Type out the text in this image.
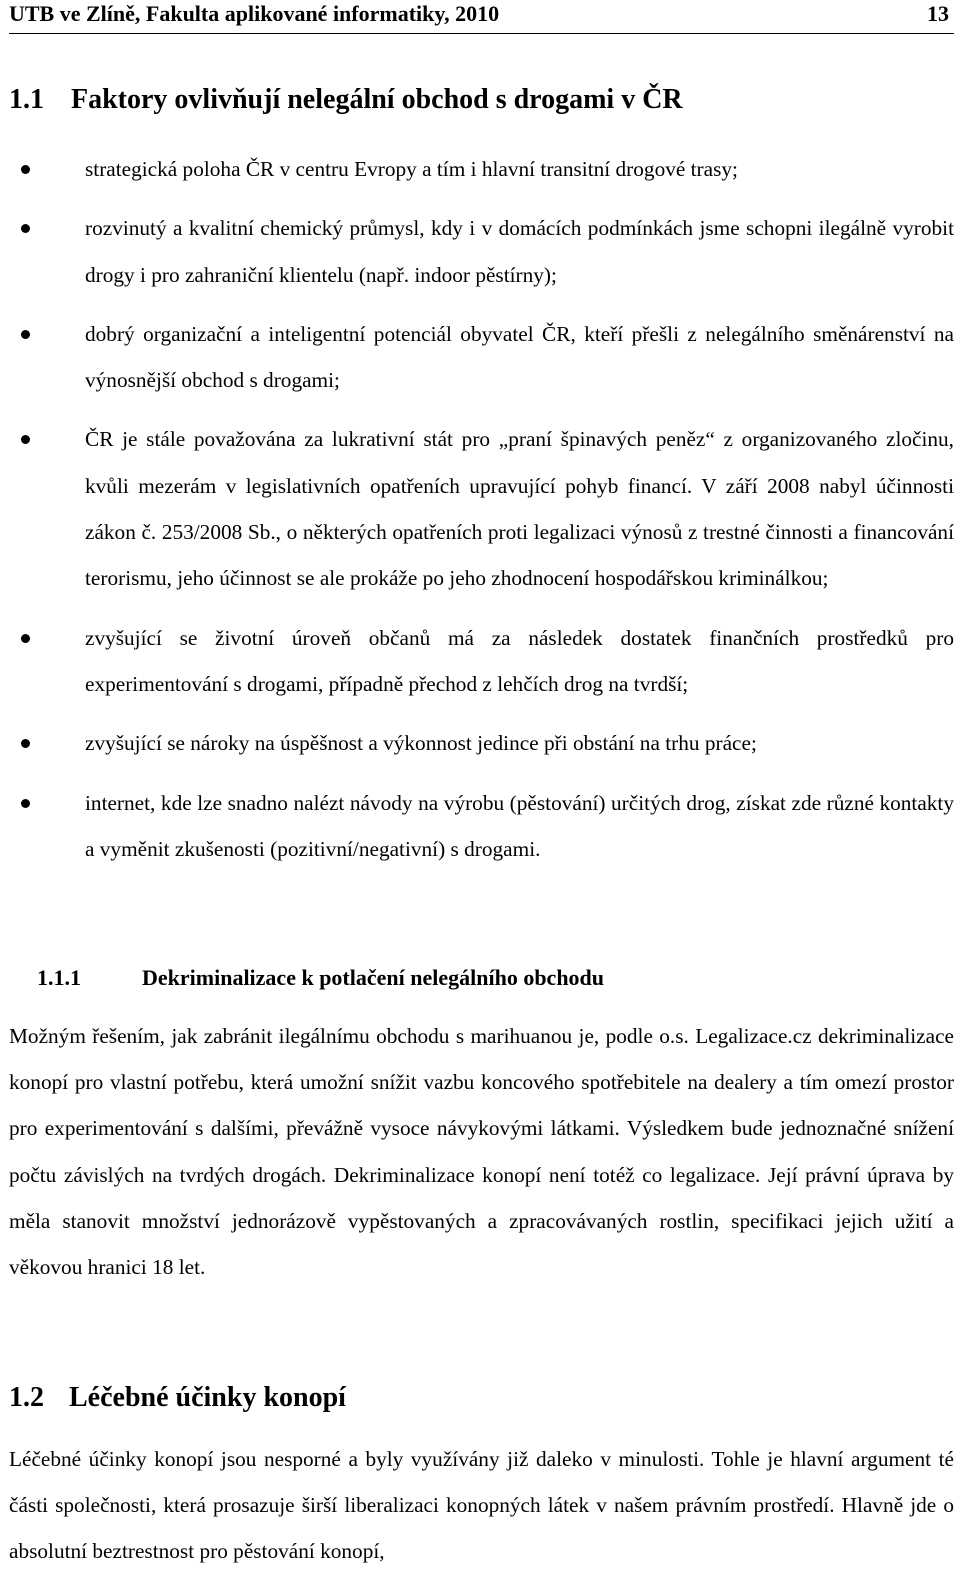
UTB ve Zlíně, Fakulta aplikované informatiky, 2010	13
1.1 Faktory ovlivňují nelegální obchod s drogami v ČR
strategická poloha ČR v centru Evropy a tím i hlavní transitní drogové trasy;
rozvinutý a kvalitní chemický průmysl, kdy i v domácích podmínkách jsme schopni ilegálně vyrobit drogy i pro zahraniční klientelu (např. indoor pěstírny);
dobrý organizační a inteligentní potenciál obyvatel ČR, kteří přešli z nelegálního směnárenství na výnosnější obchod s drogami;
ČR je stále považována za lukrativní stát pro „praní špinavých peněz“ z organizovaného zločinu, kvůli mezerám v legislativních opatřeních upravující pohyb financí. V září 2008 nabyl účinnosti zákon č. 253/2008 Sb., o některých opatřeních proti legalizaci výnosů z trestné činnosti a financování terorismu, jeho účinnost se ale prokáže po jeho zhodnocení hospodářskou kriminálkou;
zvyšující se životní úroveň občanů má za následek dostatek finančních prostředků pro experimentování s drogami, případně přechod z lehčích drog na tvrdší;
zvyšující se nároky na úspěšnost a výkonnost jedince při obstání na trhu práce;
internet, kde lze snadno nalézt návody na výrobu (pěstování) určitých drog, získat zde různé kontakty a vyměnit zkušenosti (pozitivní/negativní) s drogami.
1.1.1	Dekriminalizace k potlačení nelegálního obchodu

Možným řešením, jak zabránit ilegálnímu obchodu s marihuanou je, podle o.s. Legalizace.cz dekriminalizace konopí pro vlastní potřebu, která umožní snížit vazbu koncového spotřebitele na dealery a tím omezí prostor pro experimentování s dalšími, převážně vysoce návykovými látkami. Výsledkem bude jednoznačné snížení počtu závislých na tvrdých drogách. Dekriminalizace konopí není totéž co legalizace. Její právní úprava by měla stanovit množství jednorázově vypěstovaných a zpracovávaných rostlin, specifikaci jejich užití a věkovou hranici 18 let.

1.2 Léčebné účinky konopí

Léčebné účinky konopí jsou nesporné a byly využívány již daleko v minulosti. Tohle je hlavní argument té části společnosti, která prosazuje širší liberalizaci konopných látek v našem právním prostředí. Hlavně jde o absolutní beztrestnost pro pěstování konopí,
